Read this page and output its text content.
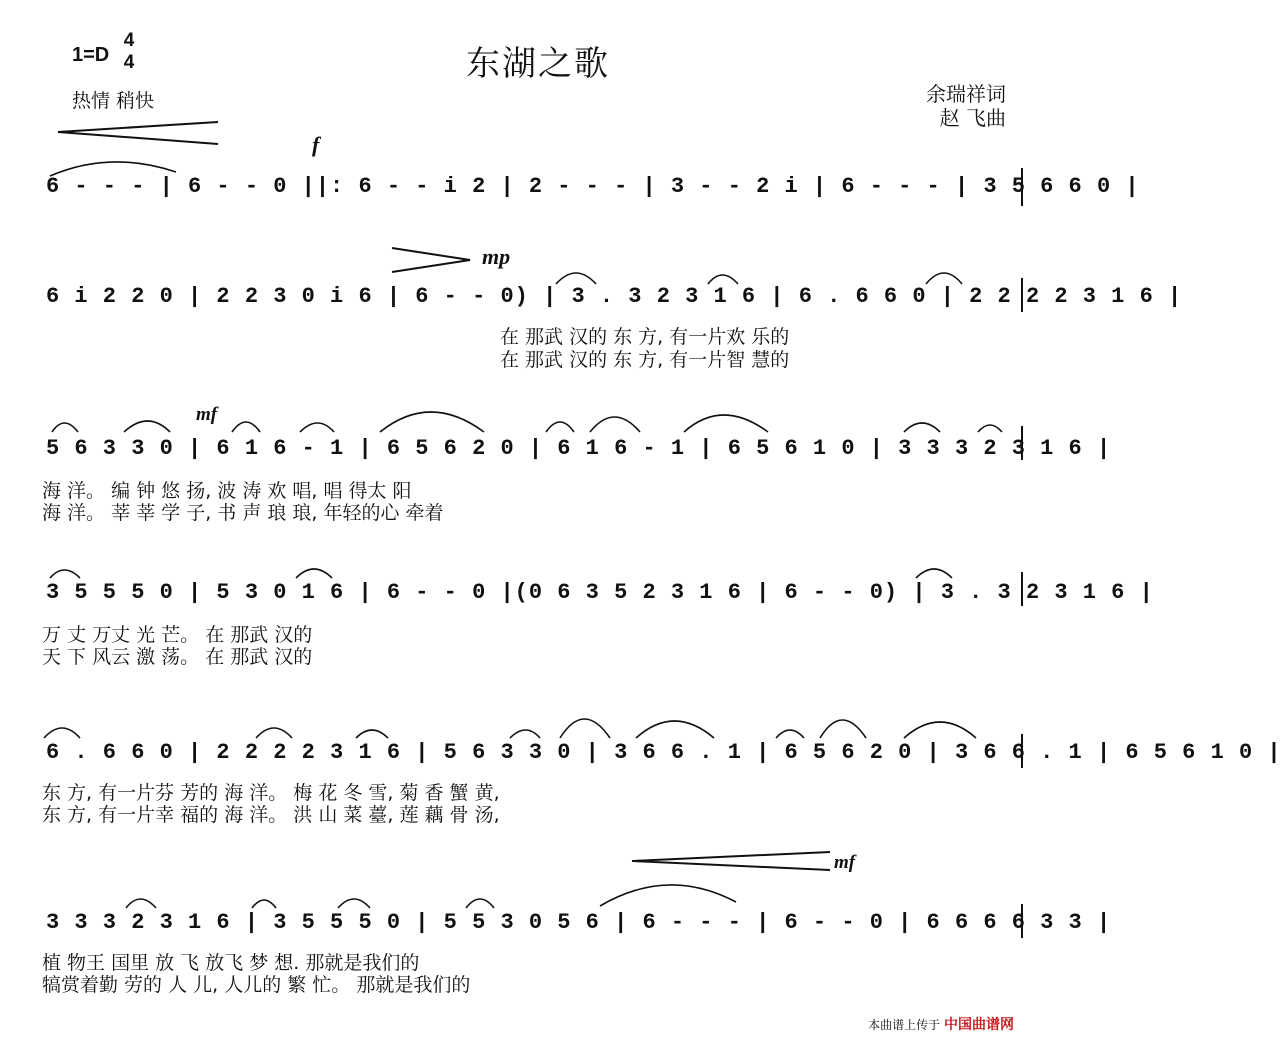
东湖之歌
1=D
4
4
热情 稍快	余瑞祥词
赵 飞曲
f
mp
mf
mf
6 - - - | 6 - - 0 ||: 6 - - i 2 | 2 - - - | 3 - - 2 i | 6 - - - | 3 5 6 6 0 |
6 i 2 2 0 | 2 2 3 0 i 6 | 6 - - 0) | 3 . 3 2 3 1 6 | 6 . 6 6 0 | 2 2 2 2 3 1 6 |
在 那武 汉的 东 方, 有一片欢 乐的
在 那武 汉的 东 方, 有一片智 慧的
5 6 3 3 0 | 6 1 6 - 1 | 6 5 6 2 0 | 6 1 6 - 1 | 6 5 6 1 0 | 3 3 3 2 3 1 6 |
海 洋。 编 钟 悠 扬, 波 涛 欢 唱, 唱 得太 阳
海 洋。 莘 莘 学 子, 书 声 琅 琅, 年轻的心 牵着
3 5 5 5 0 | 5 3 0 1 6 | 6 - - 0 |(0 6 3 5 2 3 1 6 | 6 - - 0) | 3 . 3 2 3 1 6 |
万 丈 万丈 光 芒。 在 那武 汉的
天 下 风云 激 荡。 在 那武 汉的
6 . 6 6 0 | 2 2 2 2 3 1 6 | 5 6 3 3 0 | 3 6 6 . 1 | 6 5 6 2 0 | 3 6 6 . 1 | 6 5 6 1 0 |
东 方, 有一片芬 芳的 海 洋。 梅 花 冬 雪, 菊 香 蟹 黄,
东 方, 有一片幸 福的 海 洋。 洪 山 菜 薹, 莲 藕 骨 汤,
3 3 3 2 3 1 6 | 3 5 5 5 0 | 5 5 3 0 5 6 | 6 - - - | 6 - - 0 | 6 6 6 6 3 3 |
植 物王 国里 放 飞 放飞 梦 想. 那就是我们的
犒赏着勤 劳的 人 儿, 人儿的 繁 忙。 那就是我们的
本曲谱上传于 中国曲谱网
